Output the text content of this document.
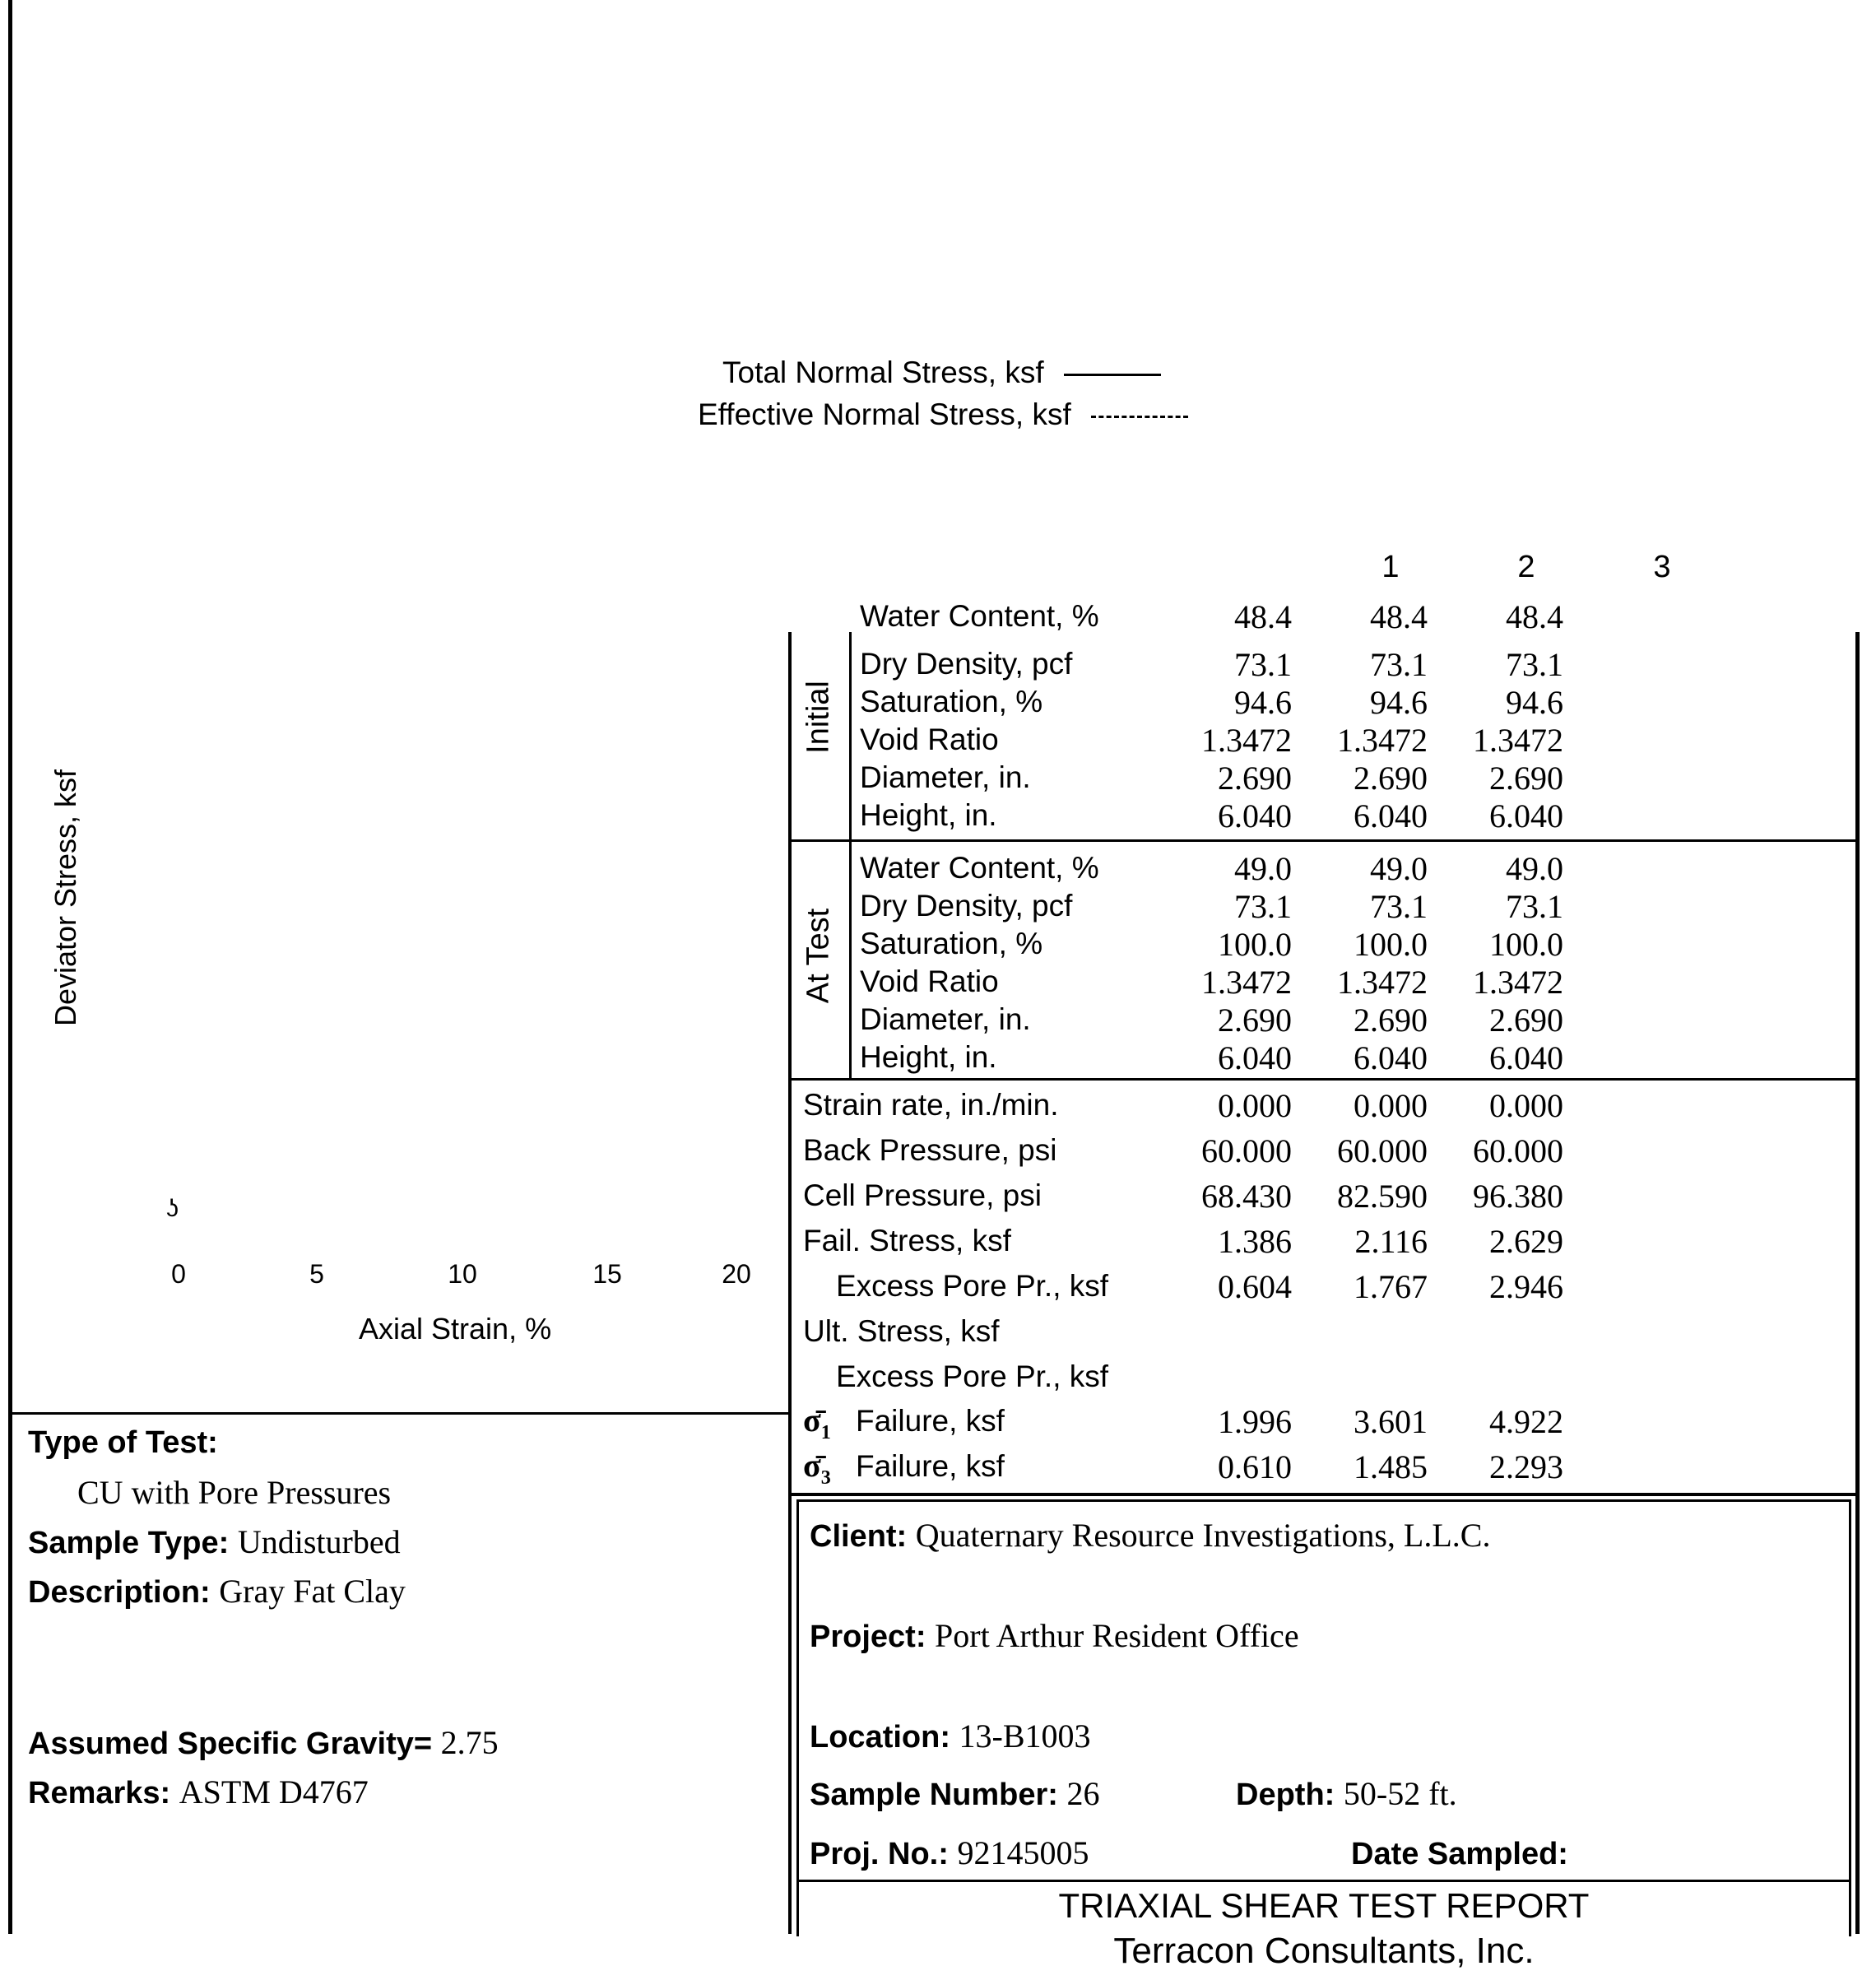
Total Normal Stress, ksf
Effective Normal Stress, ksf
Deviator Stress, ksf
ʖ
0	5	10	15	20
Axial Strain, %
Type of Test:
CU with Pore Pressures
Sample Type: Undisturbed
Description: Gray Fat Clay
Assumed Specific Gravity= 2.75
Remarks: ASTM D4767
1	2	3
Initial
At Test
Water Content, %	48.4	48.4	48.4
Dry Density, pcf	73.1	73.1	73.1
Saturation, %	94.6	94.6	94.6
Void Ratio	1.3472	1.3472	1.3472
Diameter, in.	2.690	2.690	2.690
Height, in.	6.040	6.040	6.040
Water Content, %	49.0	49.0	49.0
Dry Density, pcf	73.1	73.1	73.1
Saturation, %	100.0	100.0	100.0
Void Ratio	1.3472	1.3472	1.3472
Diameter, in.	2.690	2.690	2.690
Height, in.	6.040	6.040	6.040
Strain rate, in./min.	0.000	0.000	0.000
Back Pressure, psi	60.000	60.000	60.000
Cell Pressure, psi	68.430	82.590	96.380
Fail. Stress, ksf	1.386	2.116	2.629
Excess Pore Pr., ksf	0.604	1.767	2.946
Ult. Stress, ksf
Excess Pore Pr., ksf
$\sigmā_1$ Failure, ksf	1.996	3.601	4.922
$\sigmā_3$ Failure, ksf	0.610	1.485	2.293
Client: Quaternary Resource Investigations, L.L.C.
Project: Port Arthur Resident Office
Location: 13-B1003
Sample Number: 26	Depth: 50-52 ft.
Proj. No.: 92145005	Date Sampled:
TRIAXIAL SHEAR TEST REPORT
Terracon Consultants, Inc.
